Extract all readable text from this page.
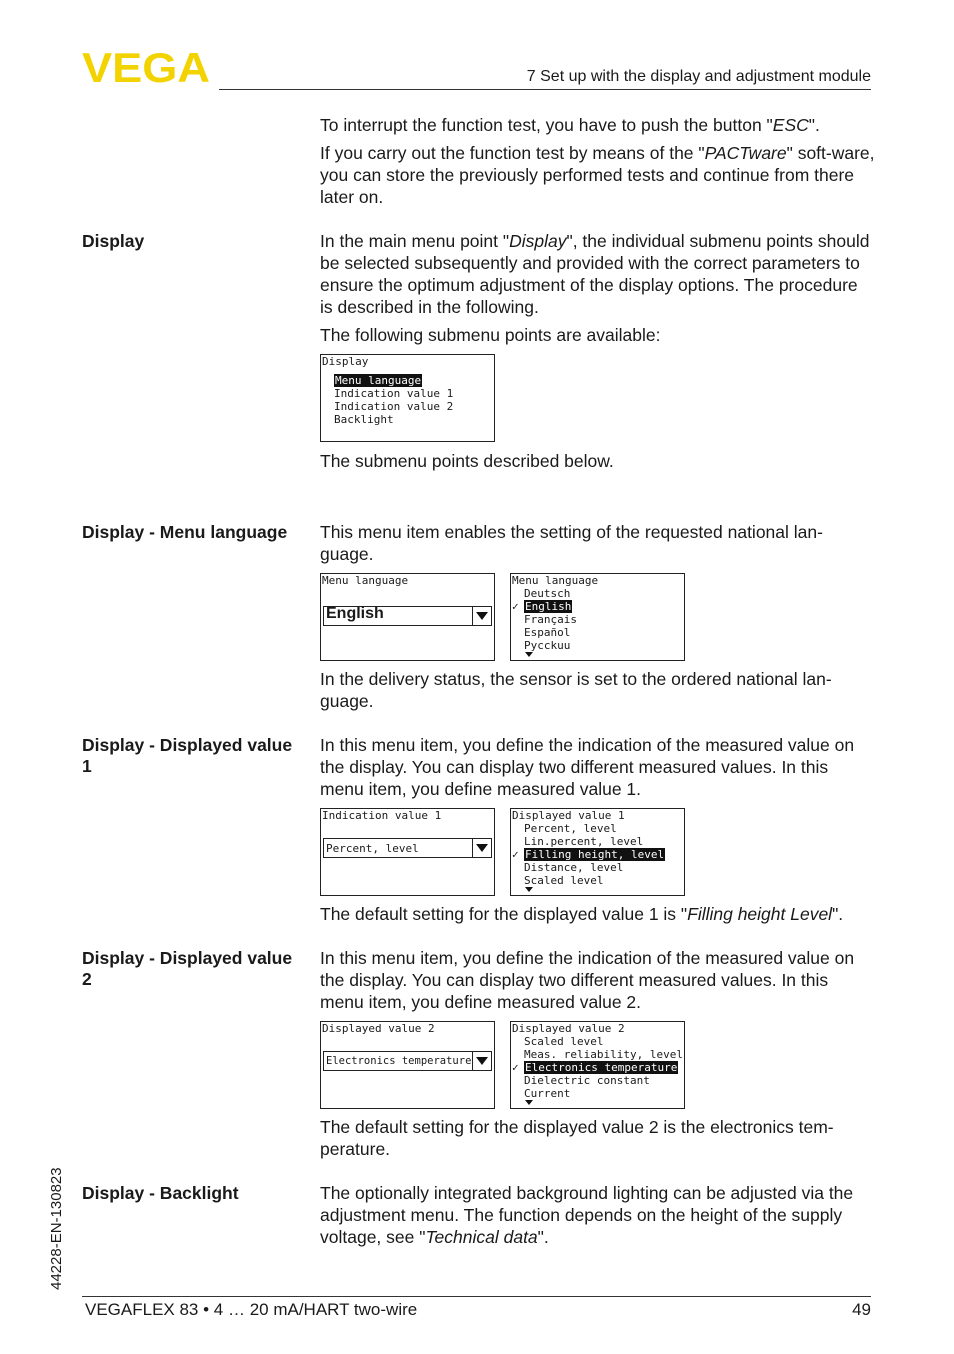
VEGA	7 Set up with the display and adjustment module

To interrupt the function test, you have to push the button "ESC".

If you carry out the function test by means of the "PACTware" soft-ware, you can store the previously performed tests and continue from there later on.

Display	In the main menu point "Display", the individual submenu points should be selected subsequently and provided with the correct parameters to ensure the optimum adjustment of the display options. The procedure is described in the following.

The following submenu points are available:

Display
Menu language
Indication value 1
Indication value 2
Backlight

The submenu points described below.

Display - Menu language	This menu item enables the setting of the requested national lan-guage.

Menu language
English
Menu language
Deutsch
✓ English
Français
Español
Pycckuu

In the delivery status, the sensor is set to the ordered national lan-guage.

Display - Displayed value 1

In this menu item, you define the indication of the measured value on the display. You can display two different measured values. In this menu item, you define measured value 1.

Indication value 1
Percent, level
Displayed value 1
Percent, level
Lin.percent, level
✓ Filling height, level
Distance, level
Scaled level

The default setting for the displayed value 1 is "Filling height Level".

Display - Displayed value 2

In this menu item, you define the indication of the measured value on the display. You can display two different measured values. In this menu item, you define measured value 2.

Displayed value 2
Electronics temperature
Displayed value 2
Scaled level
Meas. reliability, level
✓ Electronics temperature
Dielectric constant
Current

The default setting for the displayed value 2 is the electronics tem-perature.

Display - Backlight	The optionally integrated background lighting can be adjusted via the adjustment menu. The function depends on the height of the supply voltage, see "Technical data".

44228-EN-130823
VEGAFLEX 83 • 4 … 20 mA/HART two-wire	49
